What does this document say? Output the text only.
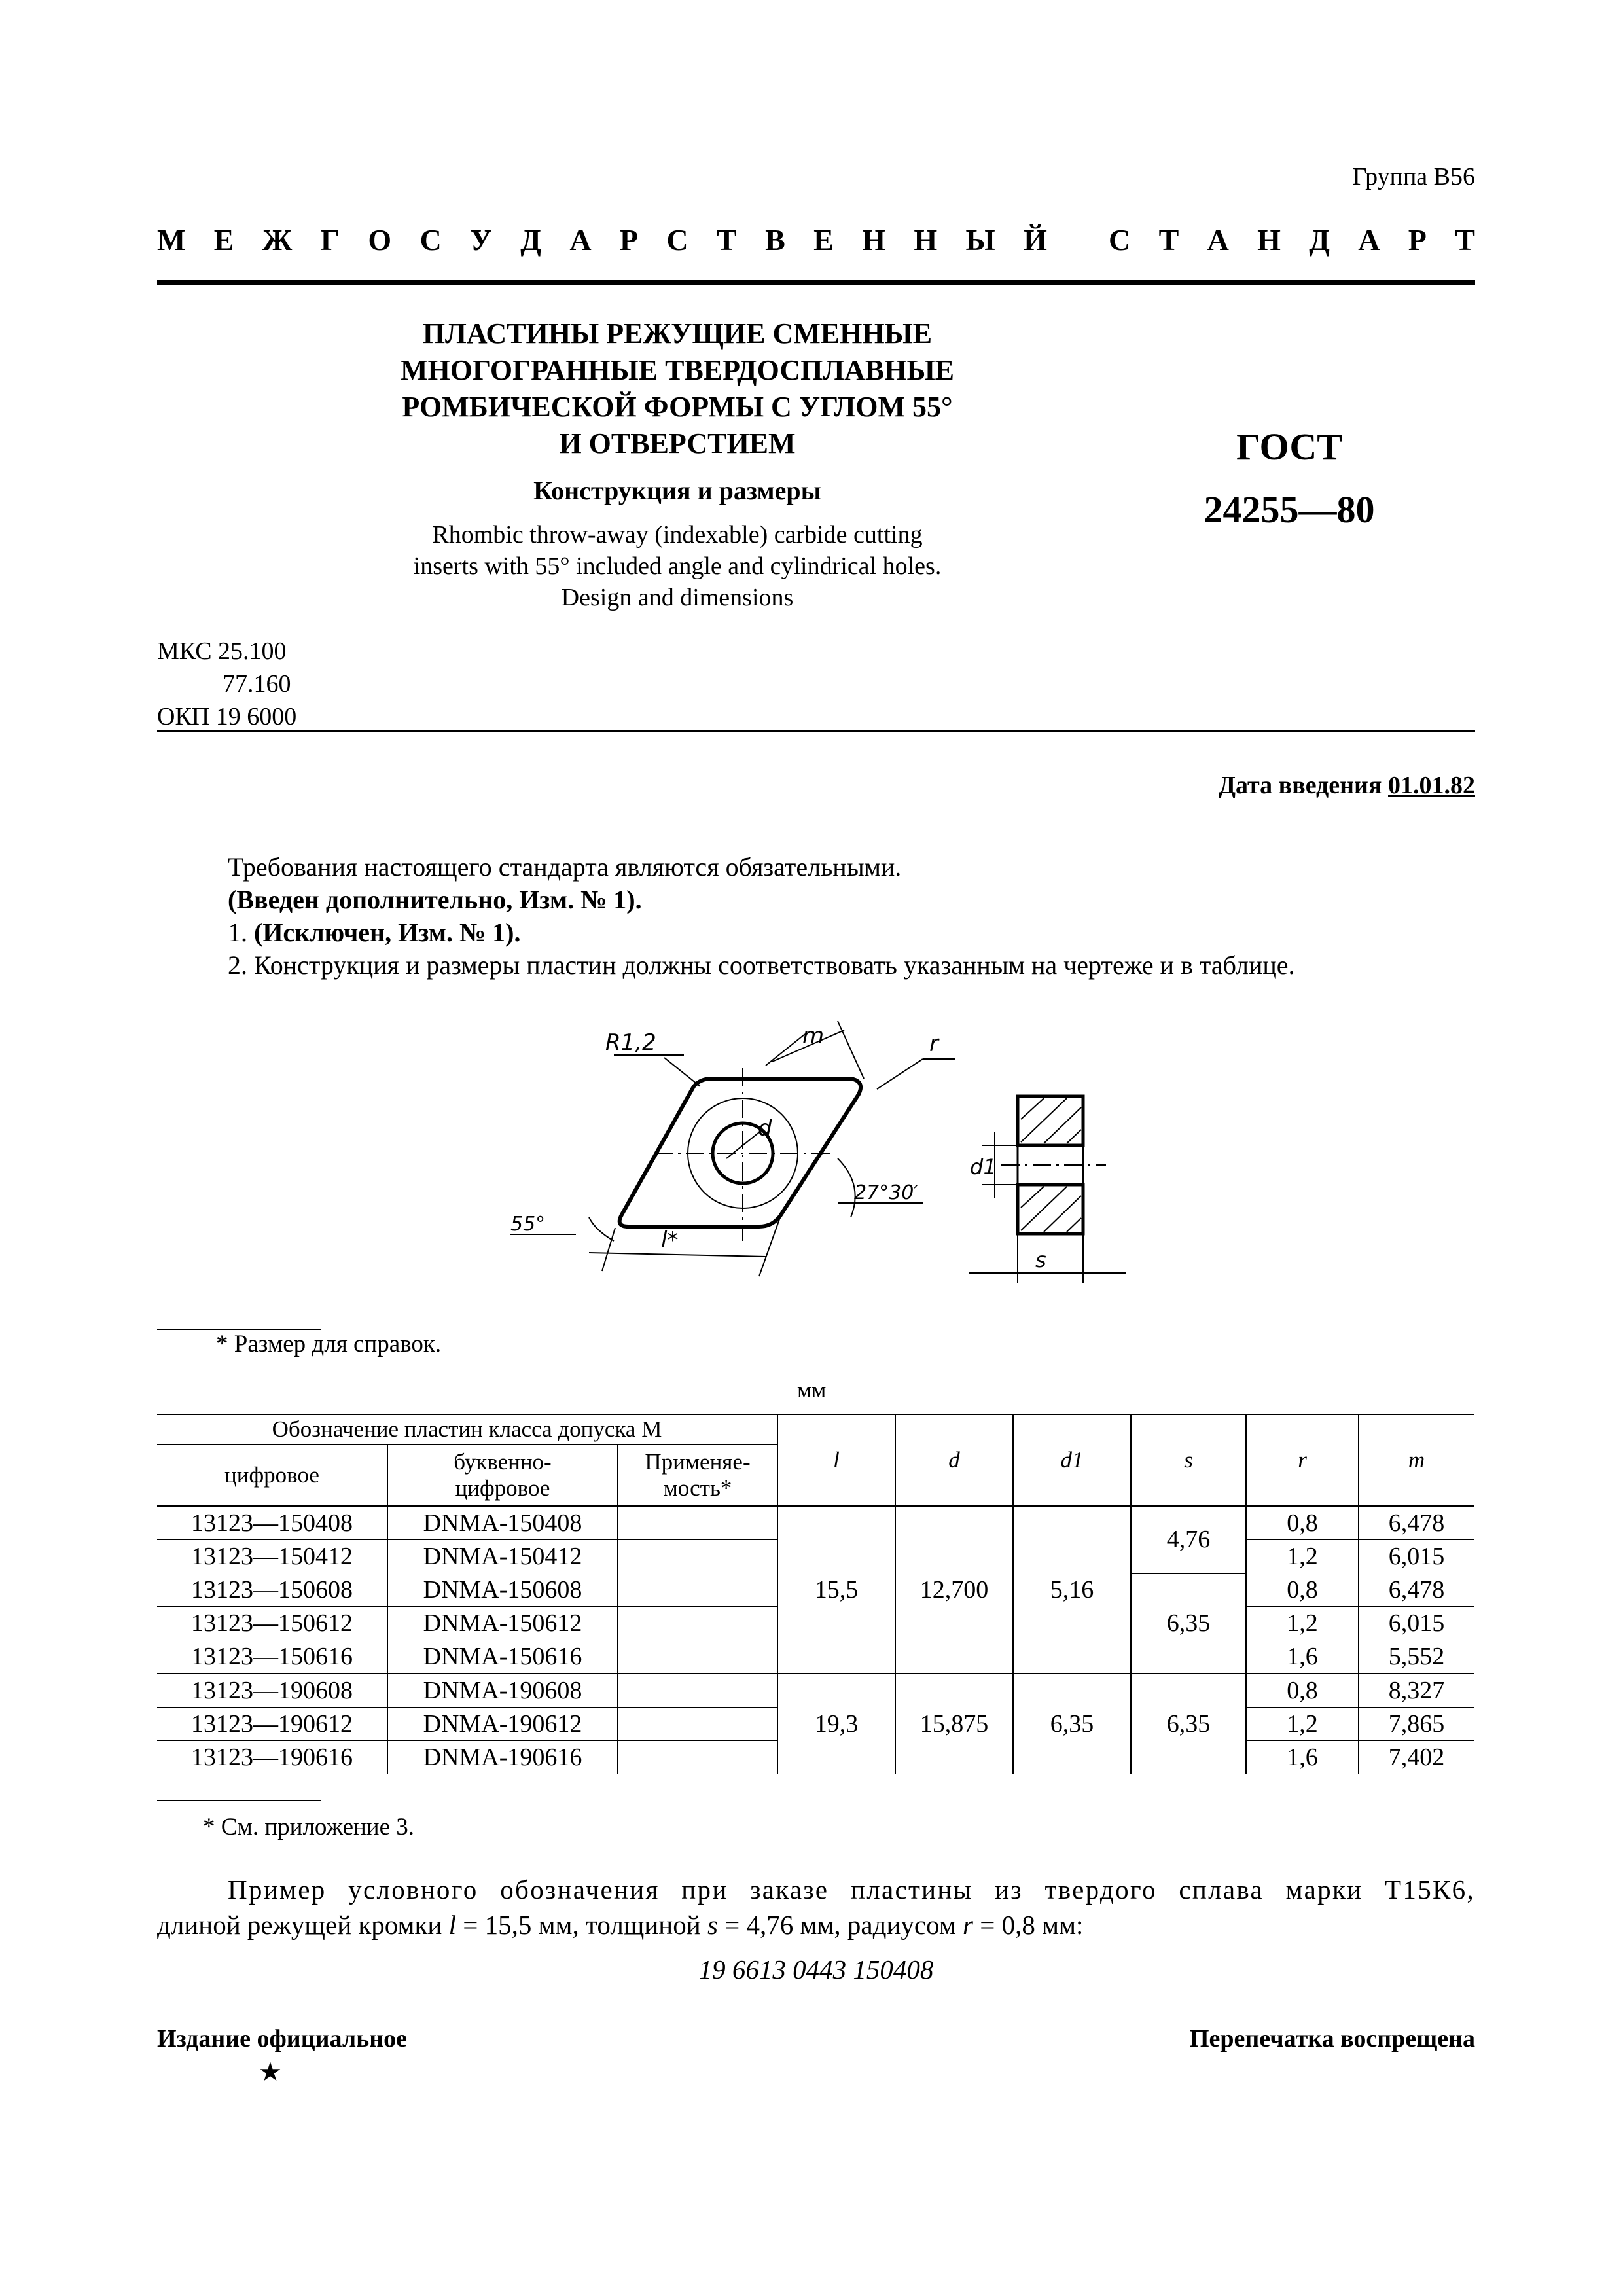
Группа В56
М Е Ж Г О С У Д А Р С Т В Е Н Н Ы Й С Т А Н Д А Р Т
ПЛАСТИНЫ РЕЖУЩИЕ СМЕННЫЕ
МНОГОГРАННЫЕ ТВЕРДОСПЛАВНЫЕ
РОМБИЧЕСКОЙ ФОРМЫ С УГЛОМ 55°
И ОТВЕРСТИЕМ
Конструкция и размеры
Rhombic throw-away (indexable) carbide cutting
inserts with 55° included angle and cylindrical holes.
Design and dimensions
ГОСТ
24255—80
МКС 25.100
77.160
ОКП 19 6000
Дата введения 01.01.82
Требования настоящего стандарта являются обязательными.
(Введен дополнительно, Изм. № 1).
1. (Исключен, Изм. № 1).
2. Конструкция и размеры пластин должны соответствовать указанным на чертеже и в таблице.
d
R1,2	m	r
27°30′
55°
l*
d1
s
* Размер для справок.
мм
Обозначение пластин класса допуска М			l	d	d1	s	r	m
цифровое	буквенно-цифровое	Применяе-мость*						
13123—150408	DNMA-150408		15,5	12,700	5,16	4,76	0,8	6,478
13123—150412	DNMA-150412						1,2	6,015
13123—150608	DNMA-150608					6,35	0,8	6,478
13123—150612	DNMA-150612						1,2	6,015
13123—150616	DNMA-150616						1,6	5,552
13123—190608	DNMA-190608		19,3	15,875	6,35	6,35	0,8	8,327
13123—190612	DNMA-190612						1,2	7,865
13123—190616	DNMA-190616						1,6	7,402
* См. приложение 3.
Пример условного обозначения при заказе пластины из твердого сплава марки Т15К6,
длиной режущей кромки l = 15,5 мм, толщиной s = 4,76 мм, радиусом r = 0,8 мм:
19 6613 0443 150408
Издание официальное
★
Перепечатка воспрещена
